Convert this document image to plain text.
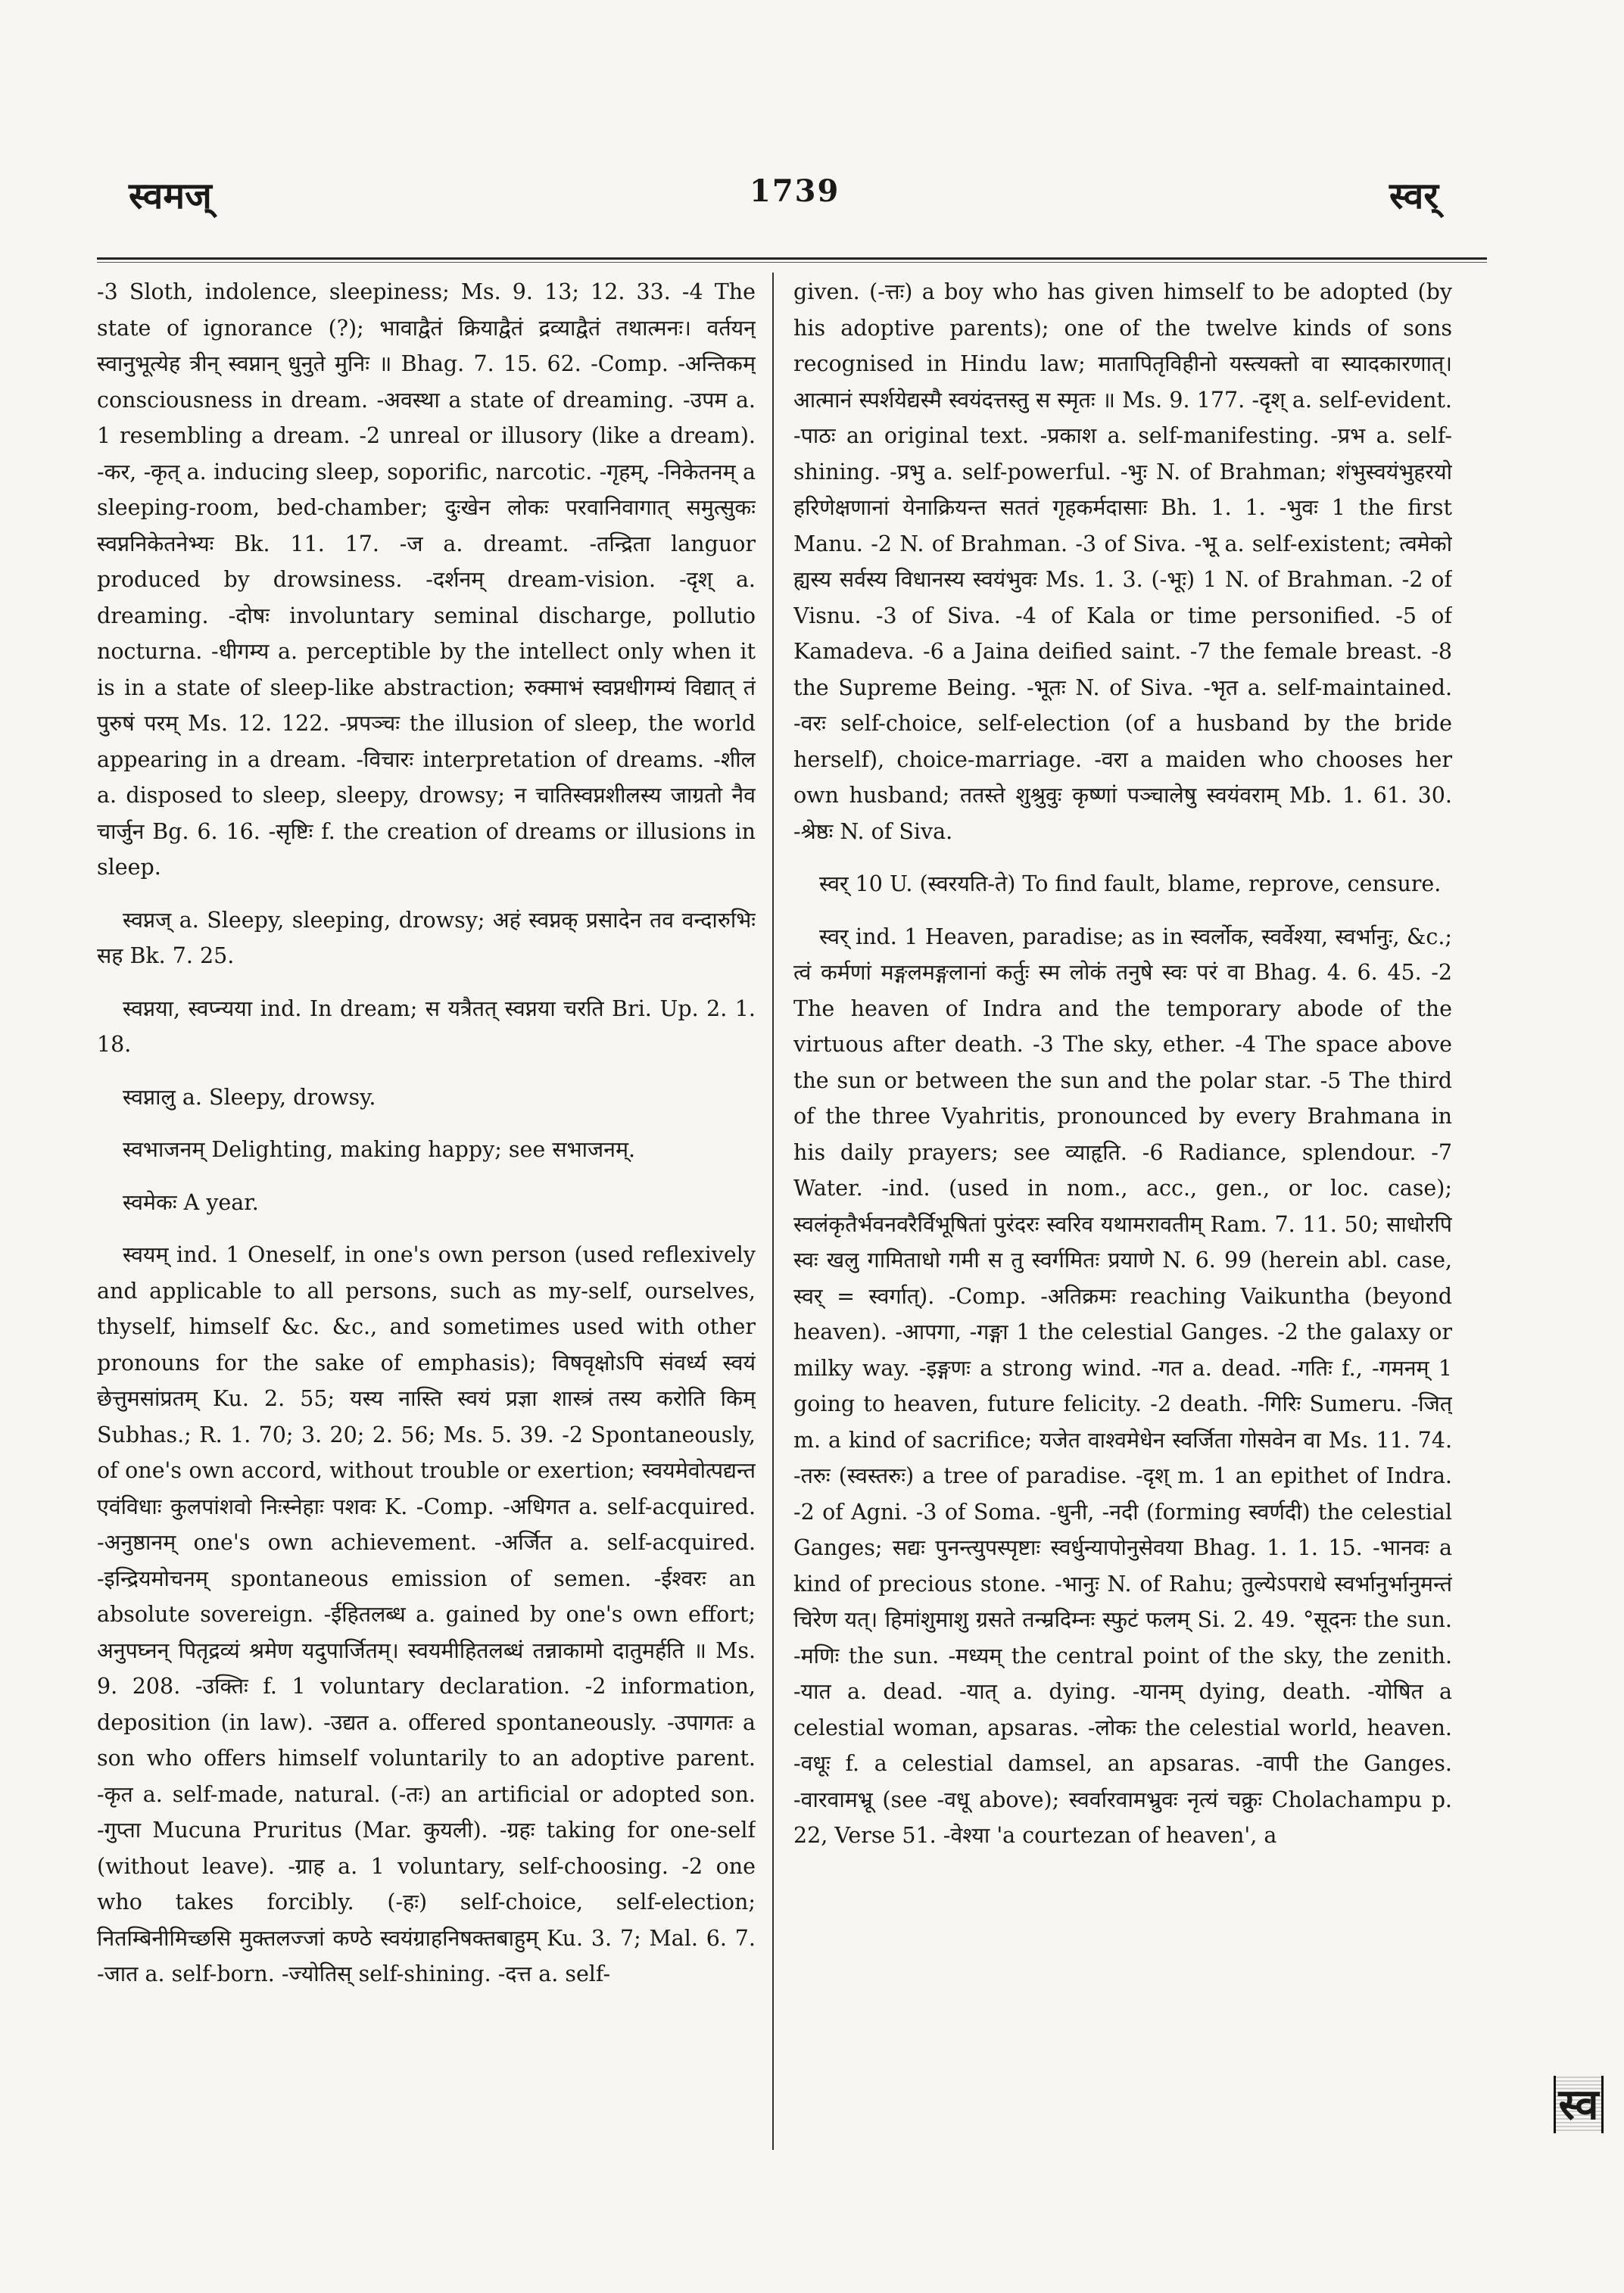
स्वमज्	1739	स्वर्

-3 Sloth, indolence, sleepiness; Ms. 9. 13; 12. 33. -4 The state of ignorance (?); भावाद्वैतं क्रियाद्वैतं द्रव्याद्वैतं तथात्मनः। वर्तयन् स्वानुभूत्येह त्रीन् स्वप्नान् धुनुते मुनिः ॥ Bhag. 7. 15. 62. -Comp. -अन्तिकम् consciousness in dream. -अवस्था a state of dreaming. -उपम a. 1 resembling a dream. -2 unreal or illusory (like a dream). -कर, -कृत् a. inducing sleep, soporific, narcotic. -गृहम्, -निकेतनम् a sleeping-room, bed-chamber; दुःखेन लोकः परवानिवागात् समुत्सुकः स्वप्ननिकेतनेभ्यः Bk. 11. 17. -ज a. dreamt. -तन्द्रिता languor produced by drowsiness. -दर्शनम् dream-vision. -दृश् a. dreaming. -दोषः involuntary seminal discharge, pollutio nocturna. -धीगम्य a. perceptible by the intellect only when it is in a state of sleep-like abstraction; रुक्माभं स्वप्नधीगम्यं विद्यात् तं पुरुषं परम् Ms. 12. 122. -प्रपञ्चः the illusion of sleep, the world appearing in a dream. -विचारः interpretation of dreams. -शील a. disposed to sleep, sleepy, drowsy; न चातिस्वप्नशीलस्य जाग्रतो नैव चार्जुन Bg. 6. 16. -सृष्टिः f. the creation of dreams or illusions in sleep.

स्वप्नज् a. Sleepy, sleeping, drowsy; अहं स्वप्नक् प्रसादेन तव वन्दारुभिः सह Bk. 7. 25.

स्वप्नया, स्वप्न्यया ind. In dream; स यत्रैतत् स्वप्नया चरति Bri. Up. 2. 1. 18.

स्वप्नालु a. Sleepy, drowsy.

स्वभाजनम् Delighting, making happy; see सभाजनम्.

स्वमेकः A year.

स्वयम् ind. 1 Oneself, in one's own person (used reflexively and applicable to all persons, such as my-self, ourselves, thyself, himself &c. &c., and sometimes used with other pronouns for the sake of emphasis); विषवृक्षोऽपि संवर्ध्य स्वयं छेत्तुमसांप्रतम् Ku. 2. 55; यस्य नास्ति स्वयं प्रज्ञा शास्त्रं तस्य करोति किम् Subhas.; R. 1. 70; 3. 20; 2. 56; Ms. 5. 39. -2 Spontaneously, of one's own accord, without trouble or exertion; स्वयमेवोत्पद्यन्त एवंविधाः कुलपांशवो निःस्नेहाः पशवः K. -Comp. -अधिगत a. self-acquired. -अनुष्ठानम् one's own achievement. -अर्जित a. self-acquired. -इन्द्रियमोचनम् spontaneous emission of semen. -ईश्वरः an absolute sovereign. -ईहितलब्ध a. gained by one's own effort; अनुपघ्नन् पितृद्रव्यं श्रमेण यदुपार्जितम्। स्वयमीहितलब्धं तन्नाकामो दातुमर्हति ॥ Ms. 9. 208. -उक्तिः f. 1 voluntary declaration. -2 information, deposition (in law). -उद्यत a. offered spontaneously. -उपागतः a son who offers himself voluntarily to an adoptive parent. -कृत a. self-made, natural. (-तः) an artificial or adopted son. -गुप्ता Mucuna Pruritus (Mar. कुयली). -ग्रहः taking for one-self (without leave). -ग्राह a. 1 voluntary, self-choosing. -2 one who takes forcibly. (-हः) self-choice, self-election; नितम्बिनीमिच्छसि मुक्तलज्जां कण्ठे स्वयंग्राहनिषक्तबाहुम् Ku. 3. 7; Mal. 6. 7. -जात a. self-born. -ज्योतिस् self-shining. -दत्त a. self-

given. (-त्तः) a boy who has given himself to be adopted (by his adoptive parents); one of the twelve kinds of sons recognised in Hindu law; मातापितृविहीनो यस्त्यक्तो वा स्यादकारणात्। आत्मानं स्पर्शयेद्यस्मै स्वयंदत्तस्तु स स्मृतः ॥ Ms. 9. 177. -दृश् a. self-evident. -पाठः an original text. -प्रकाश a. self-manifesting. -प्रभ a. self-shining. -प्रभु a. self-powerful. -भुः N. of Brahman; शंभुस्वयंभुहरयो हरिणेक्षणानां येनाक्रियन्त सततं गृहकर्मदासाः Bh. 1. 1. -भुवः 1 the first Manu. -2 N. of Brahman. -3 of Siva. -भू a. self-existent; त्वमेको ह्यस्य सर्वस्य विधानस्य स्वयंभुवः Ms. 1. 3. (-भूः) 1 N. of Brahman. -2 of Visnu. -3 of Siva. -4 of Kala or time personified. -5 of Kamadeva. -6 a Jaina deified saint. -7 the female breast. -8 the Supreme Being. -भूतः N. of Siva. -भृत a. self-maintained. -वरः self-choice, self-election (of a husband by the bride herself), choice-marriage. -वरा a maiden who chooses her own husband; ततस्ते शुश्रुवुः कृष्णां पञ्चालेषु स्वयंवराम् Mb. 1. 61. 30. -श्रेष्ठः N. of Siva.

स्वर् 10 U. (स्वरयति-ते) To find fault, blame, reprove, censure.

स्वर् ind. 1 Heaven, paradise; as in स्वर्लोक, स्वर्वेश्या, स्वर्भानुः, &c.; त्वं कर्मणां मङ्गलमङ्गलानां कर्तुः स्म लोकं तनुषे स्वः परं वा Bhag. 4. 6. 45. -2 The heaven of Indra and the temporary abode of the virtuous after death. -3 The sky, ether. -4 The space above the sun or between the sun and the polar star. -5 The third of the three Vyahritis, pronounced by every Brahmana in his daily prayers; see व्याहृति. -6 Radiance, splendour. -7 Water. -ind. (used in nom., acc., gen., or loc. case); स्वलंकृतैर्भवनवरैर्विभूषितां पुरंदरः स्वरिव यथामरावतीम् Ram. 7. 11. 50; साधोरपि स्वः खलु गामिताधो गमी स तु स्वर्गमितः प्रयाणे N. 6. 99 (herein abl. case, स्वर् = स्वर्गात्). -Comp. -अतिक्रमः reaching Vaikuntha (beyond heaven). -आपगा, -गङ्गा 1 the celestial Ganges. -2 the galaxy or milky way. -इङ्गणः a strong wind. -गत a. dead. -गतिः f., -गमनम् 1 going to heaven, future felicity. -2 death. -गिरिः Sumeru. -जित् m. a kind of sacrifice; यजेत वाश्वमेधेन स्वर्जिता गोसवेन वा Ms. 11. 74. -तरुः (स्वस्तरुः) a tree of paradise. -दृश् m. 1 an epithet of Indra. -2 of Agni. -3 of Soma. -धुनी, -नदी (forming स्वर्णदी) the celestial Ganges; सद्यः पुनन्त्युपस्पृष्टाः स्वर्धुन्यापोनुसेवया Bhag. 1. 1. 15. -भानवः a kind of precious stone. -भानुः N. of Rahu; तुल्येऽपराधे स्वर्भानुर्भानुमन्तं चिरेण यत्। हिमांशुमाशु ग्रसते तन्म्रदिम्नः स्फुटं फलम् Si. 2. 49. °सूदनः the sun. -मणिः the sun. -मध्यम् the central point of the sky, the zenith. -यात a. dead. -यात् a. dying. -यानम् dying, death. -योषित a celestial woman, apsaras. -लोकः the celestial world, heaven. -वधूः f. a celestial damsel, an apsaras. -वापी the Ganges. -वारवामभ्रू (see -वधू above); स्वर्वारवामभ्रुवः नृत्यं चक्रुः Cholachampu p. 22, Verse 51. -वेश्या 'a courtezan of heaven', a

स्व
